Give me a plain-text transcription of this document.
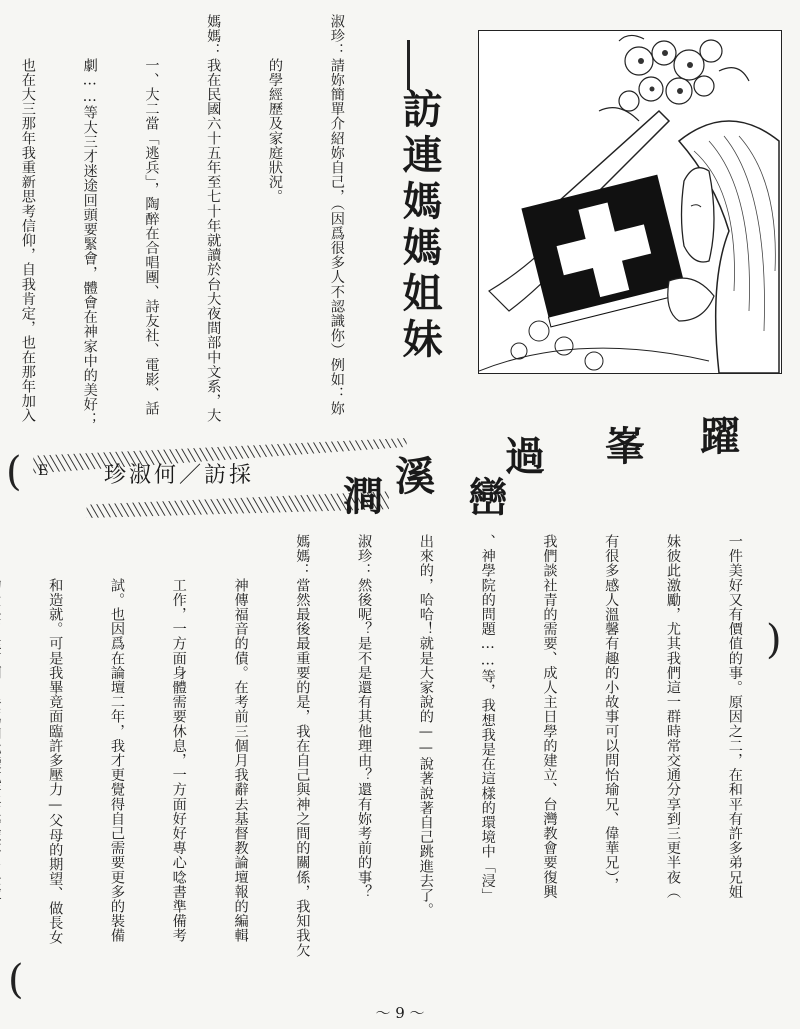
淑珍：請妳簡單介紹妳自己，（因爲很多人不認識你）例如：妳

　　　的學經歷及家庭狀況。

媽媽：我在民國六十五年至七十年就讀於台大夜間部中文系，大

　　　一、大二當「逃兵」，陶醉在合唱團、詩友社、電影、話

　　　劇……等大三才迷途回頭要緊會，體會在神家中的美好；

　　　也在大三那年我重新思考信仰，自我肯定，也在那年加入

	訪連媽媽姐妹
躍
峯
過
溪 巒
珍淑何／訪採
E

一件美好又有價值的事。原因之二，在和平有許多弟兄姐

妹彼此激勵，尤其我們這一群時常交通分享到三更半夜（

有很多感人溫馨有趣的小故事可以問怡瑜兄、偉華兄），

我們談社青的需要、成人主日學的建立、台灣教會要復興

、神學院的問題……等，我想我是在這樣的環境中「浸」

出來的，哈哈！就是大家說的——說著說著自己跳進去了。

淑珍：然後呢？是不是還有其他理由？還有妳考前的事？

媽媽：當然最後最重要的是，我在自己與神之間的關係，我知我欠

　　　神傳福音的債。在考前三個月我辭去基督教論壇報的編輯

　　　工作，一方面身體需要休息，一方面好好專心唸書準備考

　　　試。也因爲在論壇二年，我才更覺得自己需要更多的裝備

　　　和造就。可是我畢竟面臨許多壓力—父母的期望、做長女

(
(
)
～ 9 ～
